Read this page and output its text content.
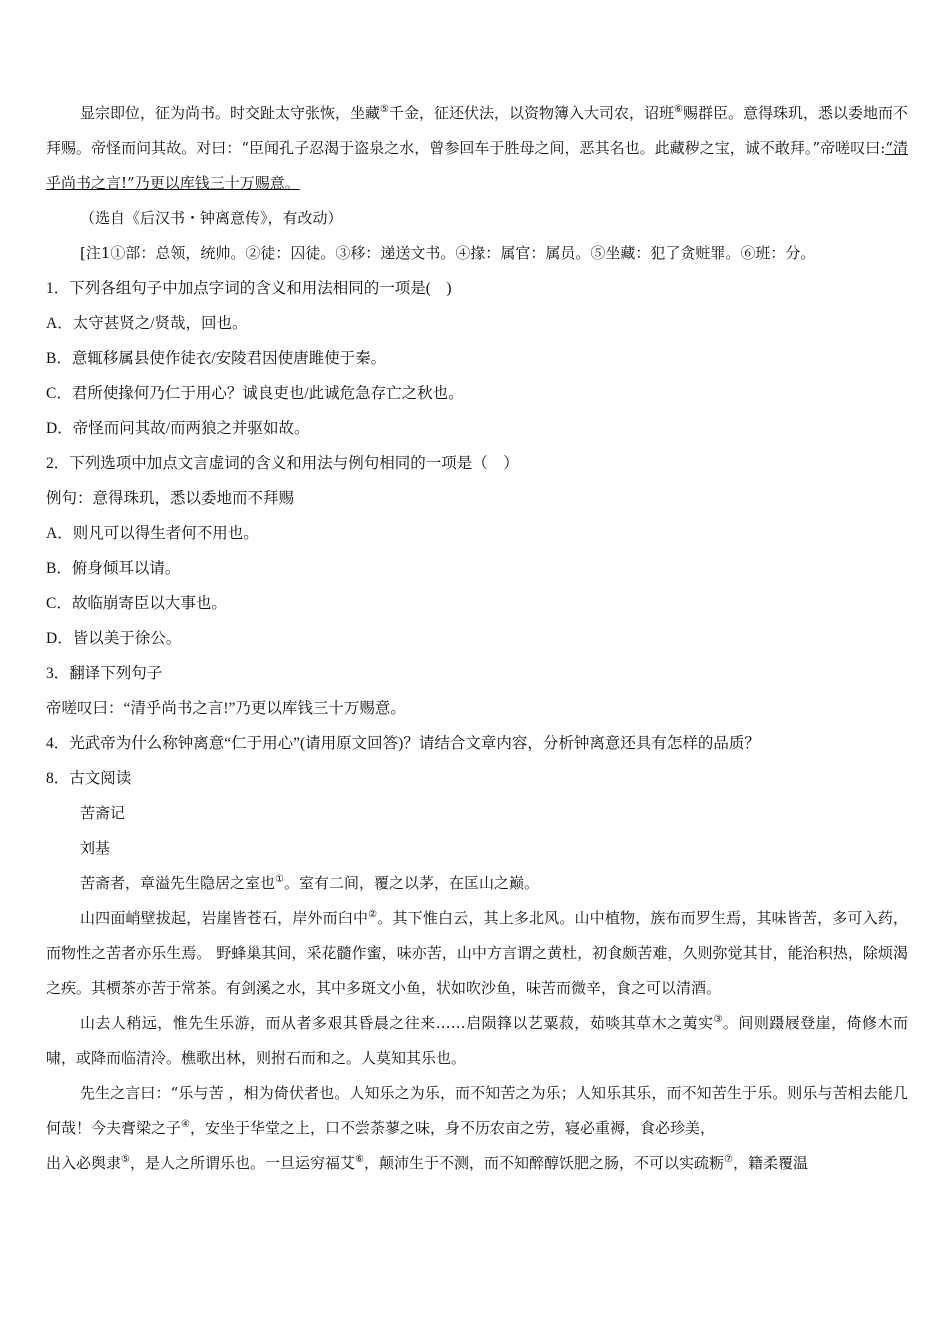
显宗即位，征为尚书。时交趾太守张恢，坐藏⑤千金，征还伏法，以资物簿入大司农，诏班⑥赐群臣。意得珠玑，悉以委地而不拜赐。帝怪而问其故。对曰：“臣闻孔子忍渴于盗泉之水，曾参回车于胜母之间，恶其名也。此藏秽之宝，诚不敢拜。”帝嗟叹曰:“清乎尚书之言!”乃更以库钱三十万赐意。

（选自《后汉书・钟离意传》，有改动）

[注1①部：总领，统帅。②徒：囚徒。③移：递送文书。④掾：属官：属员。⑤坐藏：犯了贪赃罪。⑥班：分。

1．下列各组句子中加点字词的含义和用法相同的一项是(　)

A．太守甚贤之/贤哉，回也。

B．意辄移属县使作徒衣/安陵君因使唐雎使于秦。

C．君所使掾何乃仁于用心？诚良吏也/此诚危急存亡之秋也。

D．帝怪而问其故/而两狼之并驱如故。

2．下列选项中加点文言虚词的含义和用法与例句相同的一项是（　）

例句：意得珠玑，悉以委地而不拜赐

A．则凡可以得生者何不用也。

B．俯身倾耳以请。

C．故临崩寄臣以大事也。

D．皆以美于徐公。

3．翻译下列句子

帝嗟叹曰：“清乎尚书之言!”乃更以库钱三十万赐意。

4．光武帝为什么称钟离意“仁于用心”(请用原文回答)？请结合文章内容，分析钟离意还具有怎样的品质？

8．古文阅读

苦斋记

刘基

苦斋者，章溢先生隐居之室也①。室有二间，覆之以茅，在匡山之巅。

山四面峭壁拔起，岩崖皆苍石，岸外而臼中②。其下惟白云，其上多北风。山中植物，族布而罗生焉，其味皆苦，多可入药，而物性之苦者亦乐生焉。 野蜂巢其间，采花髓作蜜，味亦苦，山中方言谓之黄杜，初食颇苦难，久则弥觉其甘，能治积热，除烦渴之疾。其槚茶亦苦于常茶。有剑溪之水，其中多斑文小鱼，状如吹沙鱼，味苦而微辛，食之可以清酒。

山去人稍远，惟先生乐游，而从者多艰其昏晨之往来……启陨箨以艺粟菽，茹啖其草木之荑实③。间则蹑屐登崖，倚修木而啸，或降而临清泠。樵歌出林，则拊石而和之。人莫知其乐也。

先生之言曰：“乐与苦 ，相为倚伏者也。人知乐之为乐，而不知苦之为乐；人知乐其乐，而不知苦生于乐。则乐与苦相去能几何哉！今夫膏梁之子④，安坐于华堂之上，口不尝荼蓼之味，身不历农亩之劳，寝必重褥，食必珍美，

出入必舆隶⑤，是人之所谓乐也。一旦运穷福艾⑥，颠沛生于不测，而不知醉醇饫肥之肠，不可以实疏粝⑦，籍柔覆温
